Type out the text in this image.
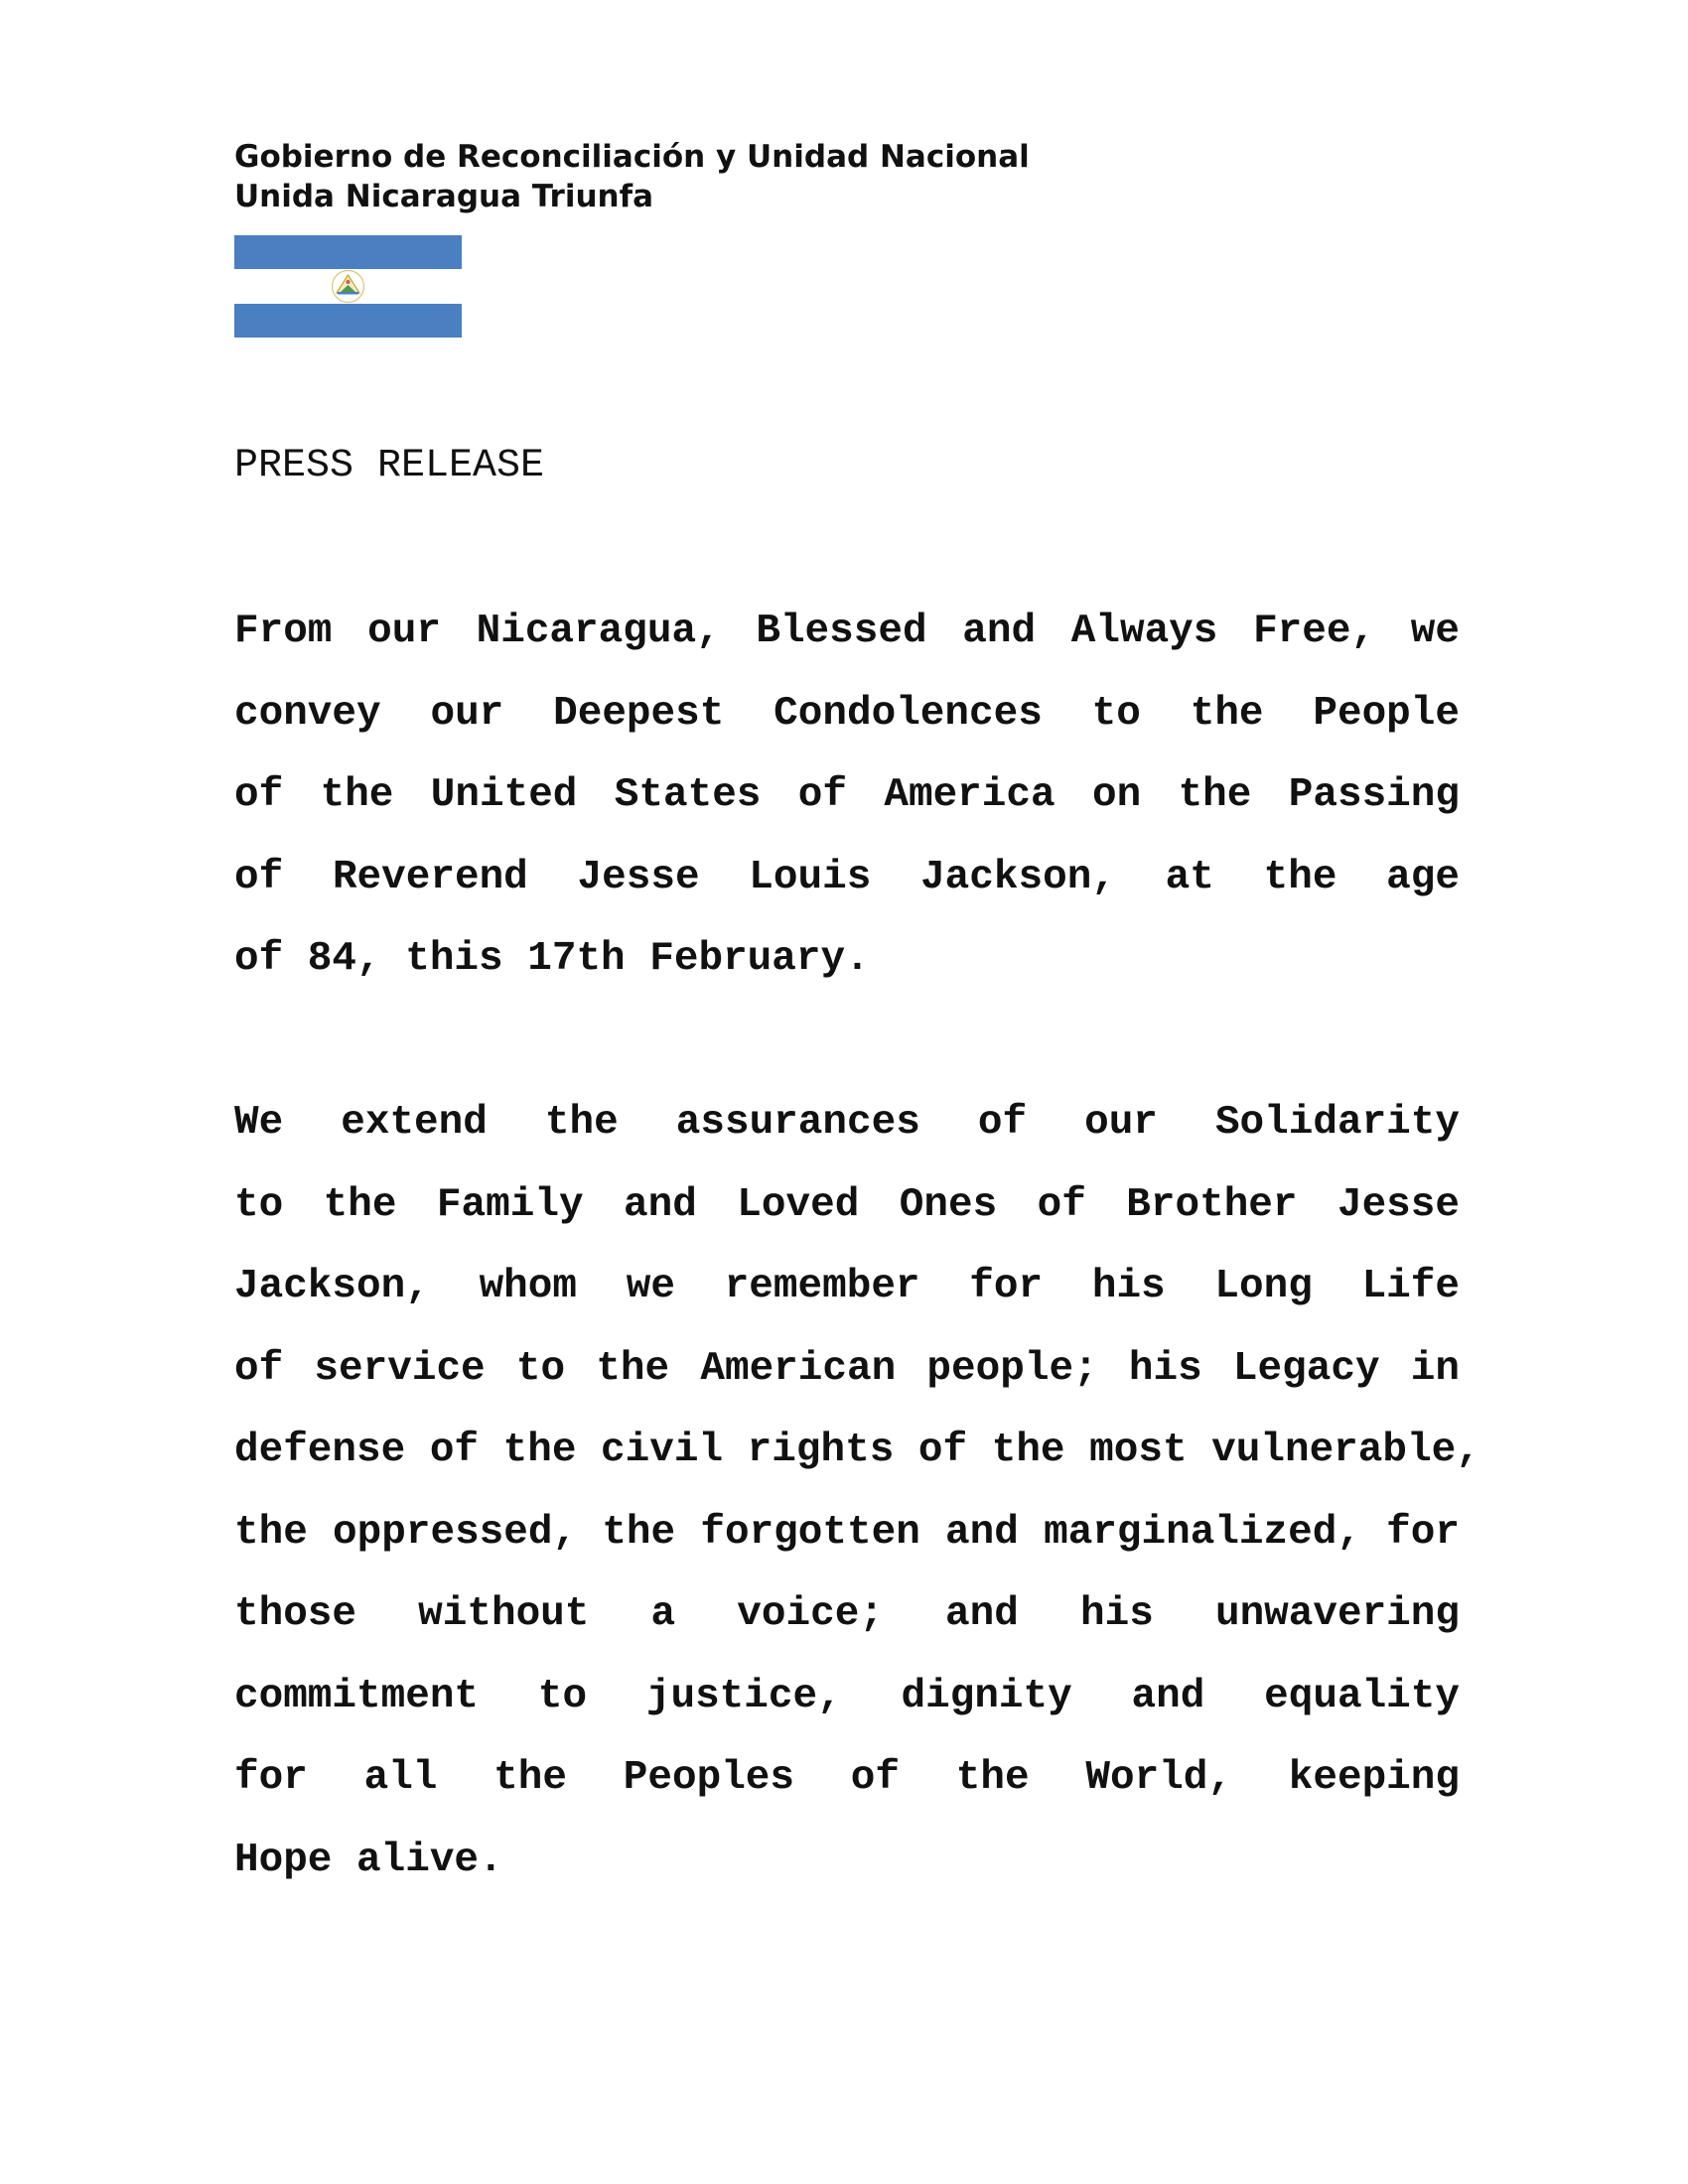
Gobierno de Reconciliación y Unidad Nacional
Unida Nicaragua Triunfa
PRESS RELEASE
From our Nicaragua, Blessed and Always Free, we
convey our Deepest Condolences to the People
of the United States of America on the Passing
of Reverend Jesse Louis Jackson, at the age
of 84, this 17th February.
We extend the assurances of our Solidarity
to the Family and Loved Ones of Brother Jesse
Jackson, whom we remember for his Long Life
of service to the American people; his Legacy in
defense of the civil rights of the most vulnerable,
the oppressed, the forgotten and marginalized, for
those without a voice; and his unwavering
commitment to justice, dignity and equality
for all the Peoples of the World, keeping
Hope alive.
